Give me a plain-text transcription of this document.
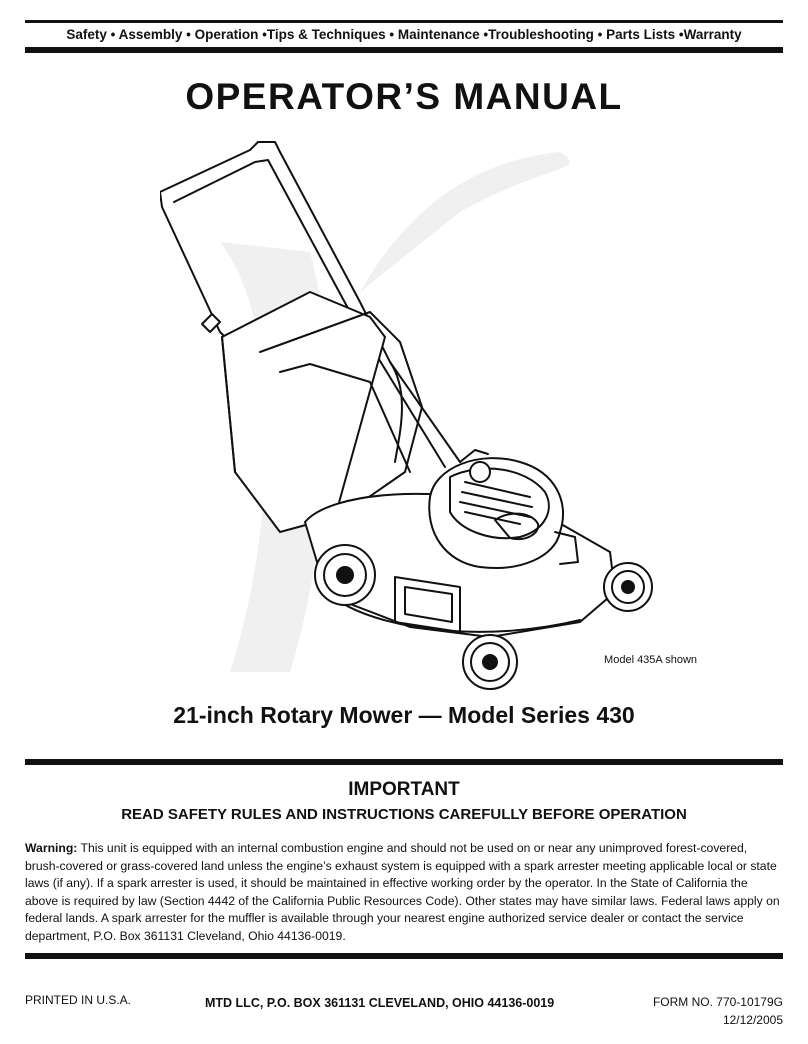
Safety • Assembly • Operation •Tips & Techniques • Maintenance •Troubleshooting • Parts Lists •Warranty
OPERATOR’S MANUAL
Model 435A shown
21-inch Rotary Mower — Model Series 430
IMPORTANT
READ SAFETY RULES AND INSTRUCTIONS CAREFULLY BEFORE OPERATION
Warning: This unit is equipped with an internal combustion engine and should not be used on or near any unimproved forest-covered, brush-covered or grass-covered land unless the engine’s exhaust system is equipped with a spark arrester meeting applicable local or state laws (if any). If a spark arrester is used, it should be maintained in effective working order by the operator. In the State of California the above is required by law (Section 4442 of the California Public Resources Code). Other states may have similar laws. Federal laws apply on federal lands. A spark arrester for the muffler is available through your nearest engine authorized service dealer or contact the service department, P.O. Box 361131 Cleveland, Ohio 44136-0019.
PRINTED IN U.S.A.	MTD LLC, P.O. BOX 361131 CLEVELAND, OHIO 44136-0019	FORM NO. 770-10179G
12/12/2005
